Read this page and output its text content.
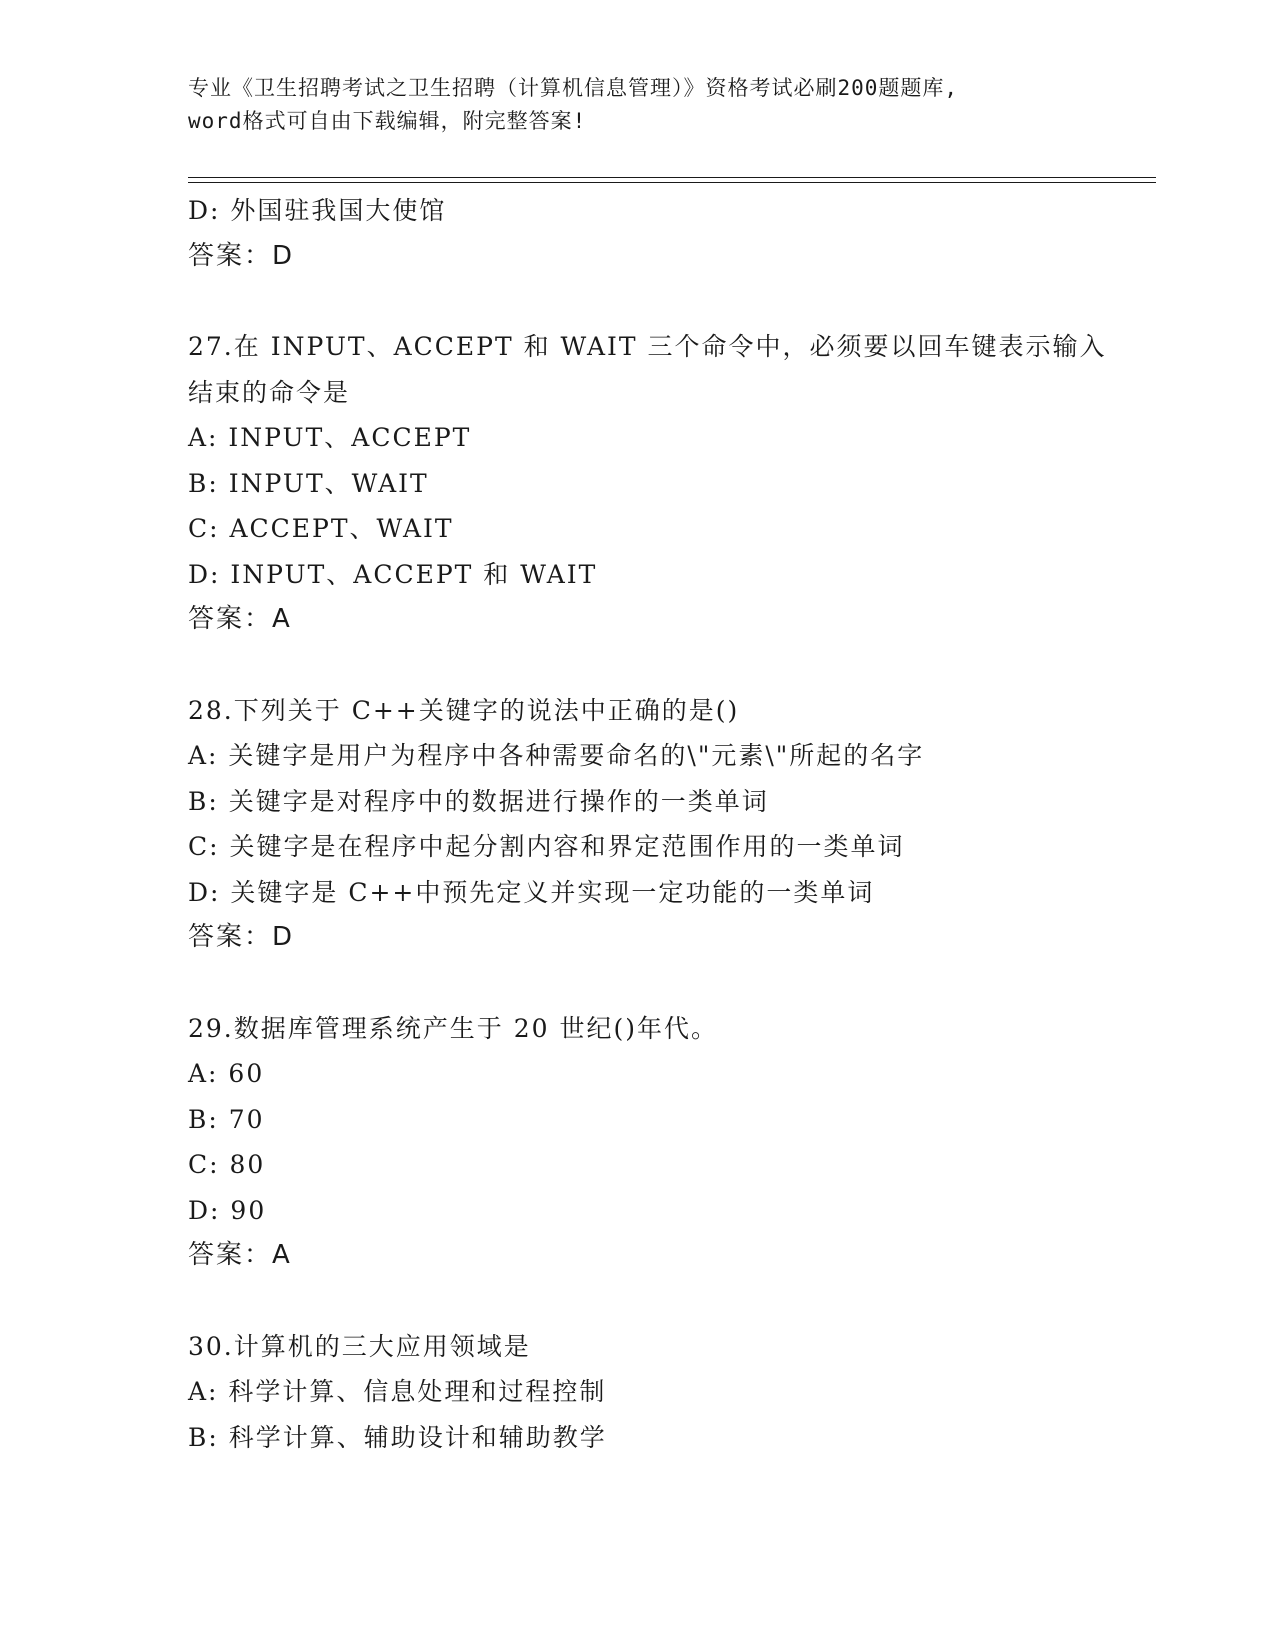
专业《卫生招聘考试之卫生招聘（计算机信息管理）》资格考试必刷200题题库,
word格式可自由下载编辑，附完整答案!
D: 外国驻我国大使馆
答案：D
27.在 INPUT、ACCEPT 和 WAIT 三个命令中，必须要以回车键表示输入
结束的命令是
A: INPUT、ACCEPT
B: INPUT、WAIT
C: ACCEPT、WAIT
D: INPUT、ACCEPT 和 WAIT
答案：A
28.下列关于 C++关键字的说法中正确的是()
A: 关键字是用户为程序中各种需要命名的\"元素\"所起的名字
B: 关键字是对程序中的数据进行操作的一类单词
C: 关键字是在程序中起分割内容和界定范围作用的一类单词
D: 关键字是 C++中预先定义并实现一定功能的一类单词
答案：D
29.数据库管理系统产生于 20 世纪()年代。
A: 60
B: 70
C: 80
D: 90
答案：A
30.计算机的三大应用领域是
A: 科学计算、信息处理和过程控制
B: 科学计算、辅助设计和辅助教学
